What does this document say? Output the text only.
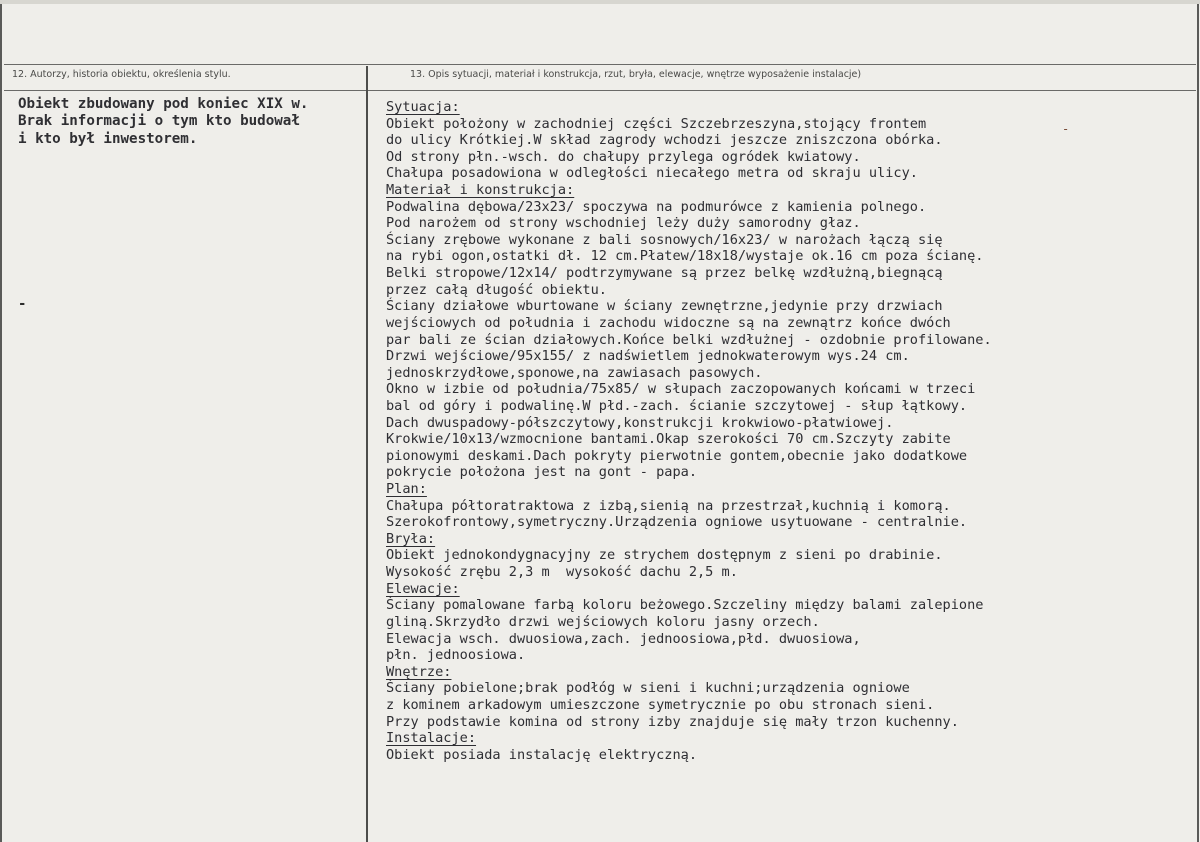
12. Autorzy, historia obiektu, określenia stylu.	13. Opis sytuacji, materiał i konstrukcja, rzut, bryła, elewacje, wnętrze wyposażenie instalacje)
Obiekt zbudowany pod koniec XIX w.
Brak informacji o tym kto budował
i kto był inwestorem.
-
Sytuacja:
Obiekt położony w zachodniej części Szczebrzeszyna,stojący frontem
do ulicy Krótkiej.W skład zagrody wchodzi jeszcze zniszczona obórka.
Od strony płn.-wsch. do chałupy przylega ogródek kwiatowy.
Chałupa posadowiona w odległości niecałego metra od skraju ulicy.
Materiał i konstrukcja:
Podwalina dębowa/23x23/ spoczywa na podmurówce z kamienia polnego.
Pod narożem od strony wschodniej leży duży samorodny głaz.
Ściany zrębowe wykonane z bali sosnowych/16x23/ w narożach łączą się
na rybi ogon,ostatki dł. 12 cm.Płatew/18x18/wystaje ok.16 cm poza ścianę.
Belki stropowe/12x14/ podtrzymywane są przez belkę wzdłużną,biegnącą
przez całą długość obiektu.
Ściany działowe wburtowane w ściany zewnętrzne,jedynie przy drzwiach
wejściowych od południa i zachodu widoczne są na zewnątrz końce dwóch
par bali ze ścian działowych.Końce belki wzdłużnej - ozdobnie profilowane.
Drzwi wejściowe/95x155/ z nadświetlem jednokwaterowym wys.24 cm.
jednoskrzydłowe,sponowe,na zawiasach pasowych.
Okno w izbie od południa/75x85/ w słupach zaczopowanych końcami w trzeci
bal od góry i podwalinę.W płd.-zach. ścianie szczytowej - słup łątkowy.
Dach dwuspadowy-półszczytowy,konstrukcji krokwiowo-płatwiowej.
Krokwie/10x13/wzmocnione bantami.Okap szerokości 70 cm.Szczyty zabite
pionowymi deskami.Dach pokryty pierwotnie gontem,obecnie jako dodatkowe
pokrycie położona jest na gont - papa.
Plan:
Chałupa półtoratraktowa z izbą,sienią na przestrzał,kuchnią i komorą.
Szerokofrontowy,symetryczny.Urządzenia ogniowe usytuowane - centralnie.
Bryła:
Obiekt jednokondygnacyjny ze strychem dostępnym z sieni po drabinie.
Wysokość zrębu 2,3 m  wysokość dachu 2,5 m.
Elewacje:
Ściany pomalowane farbą koloru beżowego.Szczeliny między balami zalepione
gliną.Skrzydło drzwi wejściowych koloru jasny orzech.
Elewacja wsch. dwuosiowa,zach. jednoosiowa,płd. dwuosiowa,
płn. jednoosiowa.
Wnętrze:
Ściany pobielone;brak podłóg w sieni i kuchni;urządzenia ogniowe
z kominem arkadowym umieszczone symetrycznie po obu stronach sieni.
Przy podstawie komina od strony izby znajduje się mały trzon kuchenny.
Instalacje:
Obiekt posiada instalację elektryczną.
-
